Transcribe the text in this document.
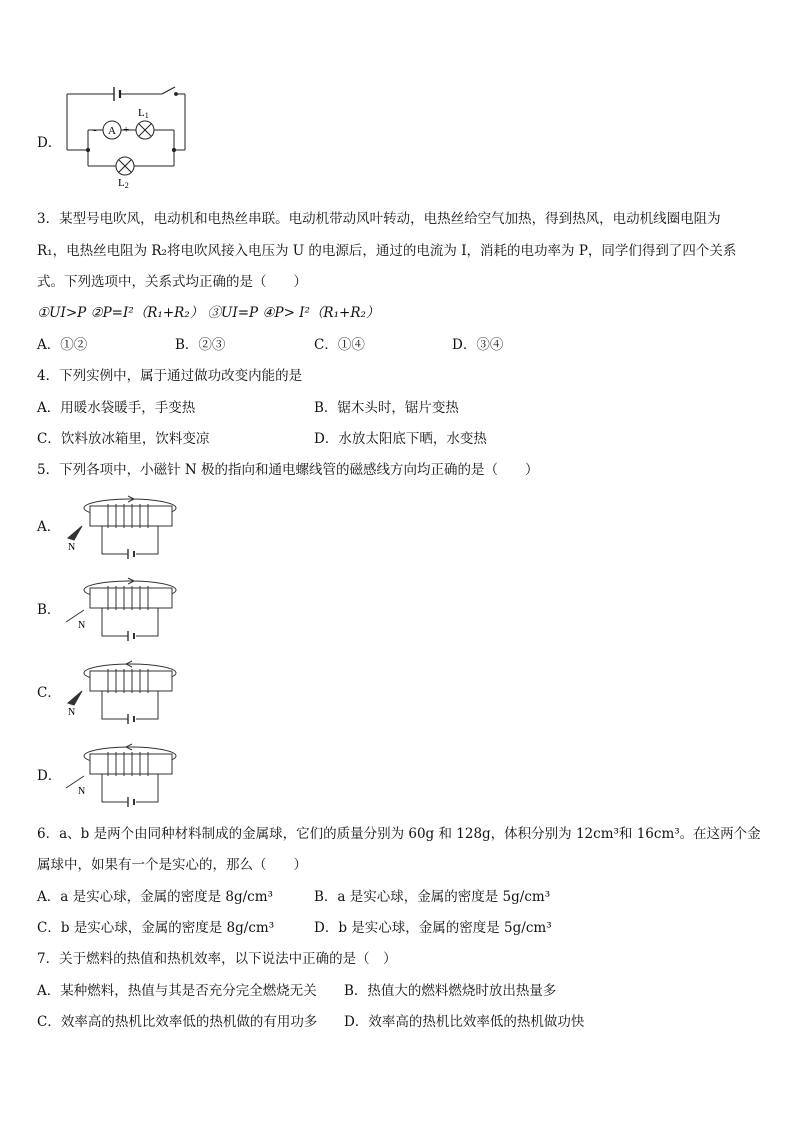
D．
- A +
L1
L2
3．某型号电吹风，电动机和电热丝串联。电动机带动风叶转动，电热丝给空气加热，得到热风，电动机线圈电阻为
R₁，电热丝电阻为 R₂将电吹风接入电压为 U 的电源后，通过的电流为 I，消耗的电功率为 P，同学们得到了四个关系
式。下列选项中，关系式均正确的是（　　）
①UI>P ②P=I²（R₁+R₂） ③UI=P ④P> I²（R₁+R₂）
A．①②	B．②③	C．①④	D．③④
4．下列实例中，属于通过做功改变内能的是
A．用暖水袋暖手，手变热	B．锯木头时，锯片变热
C．饮料放冰箱里，饮料变凉	D．水放太阳底下晒，水变热
5．下列各项中，小磁针 N 极的指向和通电螺线管的磁感线方向均正确的是（　　）
A．
N
B．
N
C．
N
D．
N
6．a、b 是两个由同种材料制成的金属球，它们的质量分别为 60g 和 128g，体积分别为 12cm³和 16cm³。在这两个金
属球中，如果有一个是实心的，那么（　　）
A．a 是实心球，金属的密度是 8g/cm³	B．a 是实心球，金属的密度是 5g/cm³
C．b 是实心球，金属的密度是 8g/cm³	D．b 是实心球，金属的密度是 5g/cm³
7．关于燃料的热值和热机效率，以下说法中正确的是（　）
A．某种燃料，热值与其是否充分完全燃烧无关 B．热值大的燃料燃烧时放出热量多
C．效率高的热机比效率低的热机做的有用功多 D．效率高的热机比效率低的热机做功快
